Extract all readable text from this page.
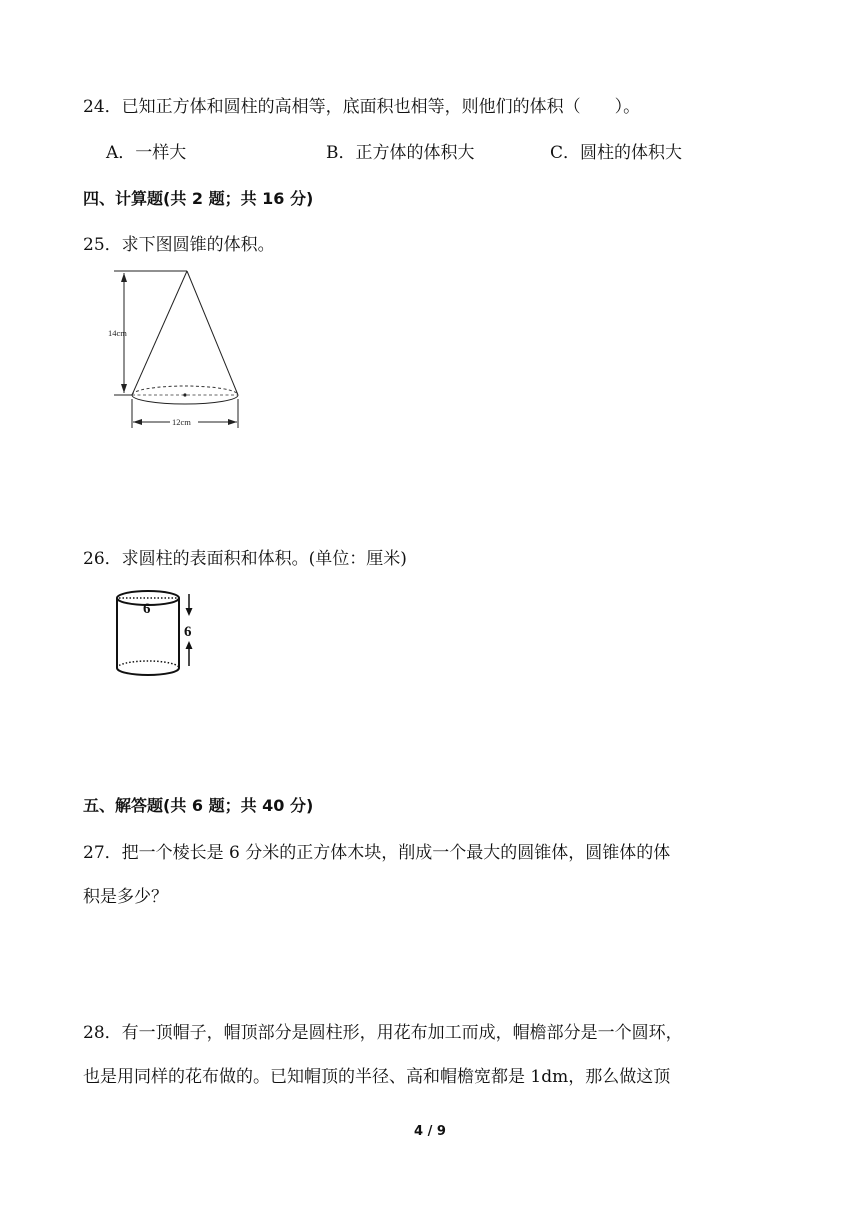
24．已知正方体和圆柱的高相等，底面积也相等，则他们的体积（　　）。
A．一样大	B．正方体的体积大	C．圆柱的体积大
四、计算题(共 2 题；共 16 分)
25．求下图圆锥的体积。
14cm
12cm
26．求圆柱的表面积和体积。(单位：厘米)
6
6
五、解答题(共 6 题；共 40 分)
27．把一个棱长是 6 分米的正方体木块，削成一个最大的圆锥体，圆锥体的体
积是多少？
28．有一顶帽子，帽顶部分是圆柱形，用花布加工而成，帽檐部分是一个圆环，
也是用同样的花布做的。已知帽顶的半径、高和帽檐宽都是 1dm，那么做这顶
4 / 9
